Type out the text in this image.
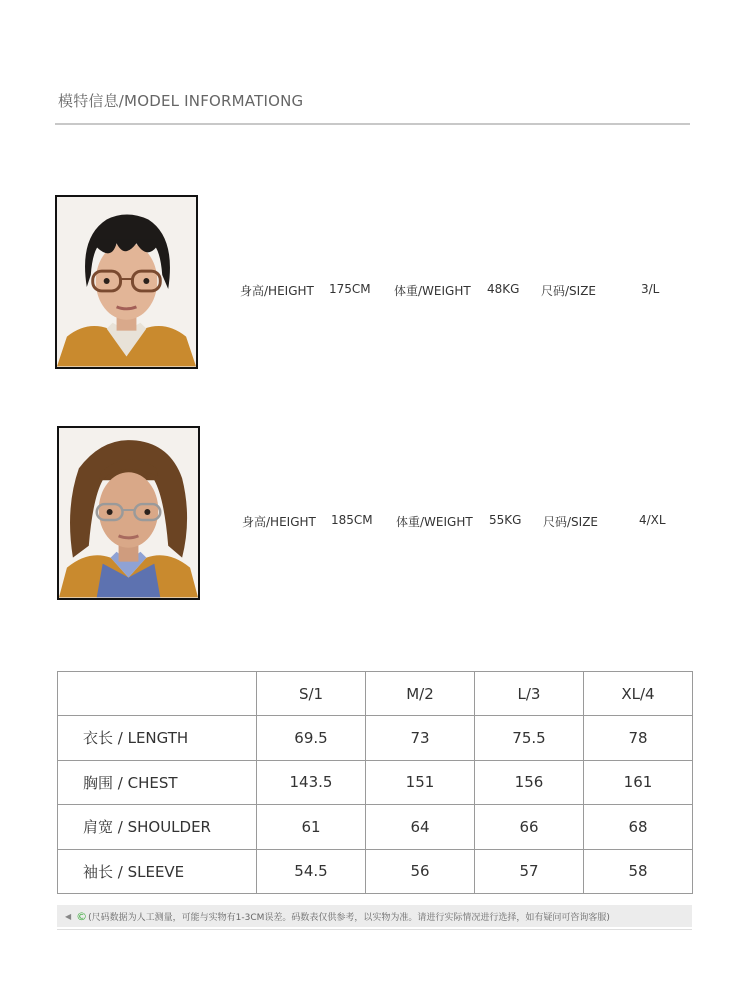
模特信息/MODEL INFORMATIONG
身高/HEIGHT 175CM 体重/WEIGHT 48KG 尺码/SIZE	3/L
身高/HEIGHT 185CM 体重/WEIGHT 55KG 尺码/SIZE	4/XL
	S/1	M/2	L/3	XL/4
衣长 / LENGTH	69.5	73	75.5	78
胸围 / CHEST	143.5	151	156	161
肩宽 / SHOULDER	61	64	66	68
袖长 / SLEEVE	54.5	56	57	58
◀ © (尺码数据为人工测量，可能与实物有1-3CM误差。码数表仅供参考，以实物为准。请进行实际情况进行选择，如有疑问可咨询客服)
